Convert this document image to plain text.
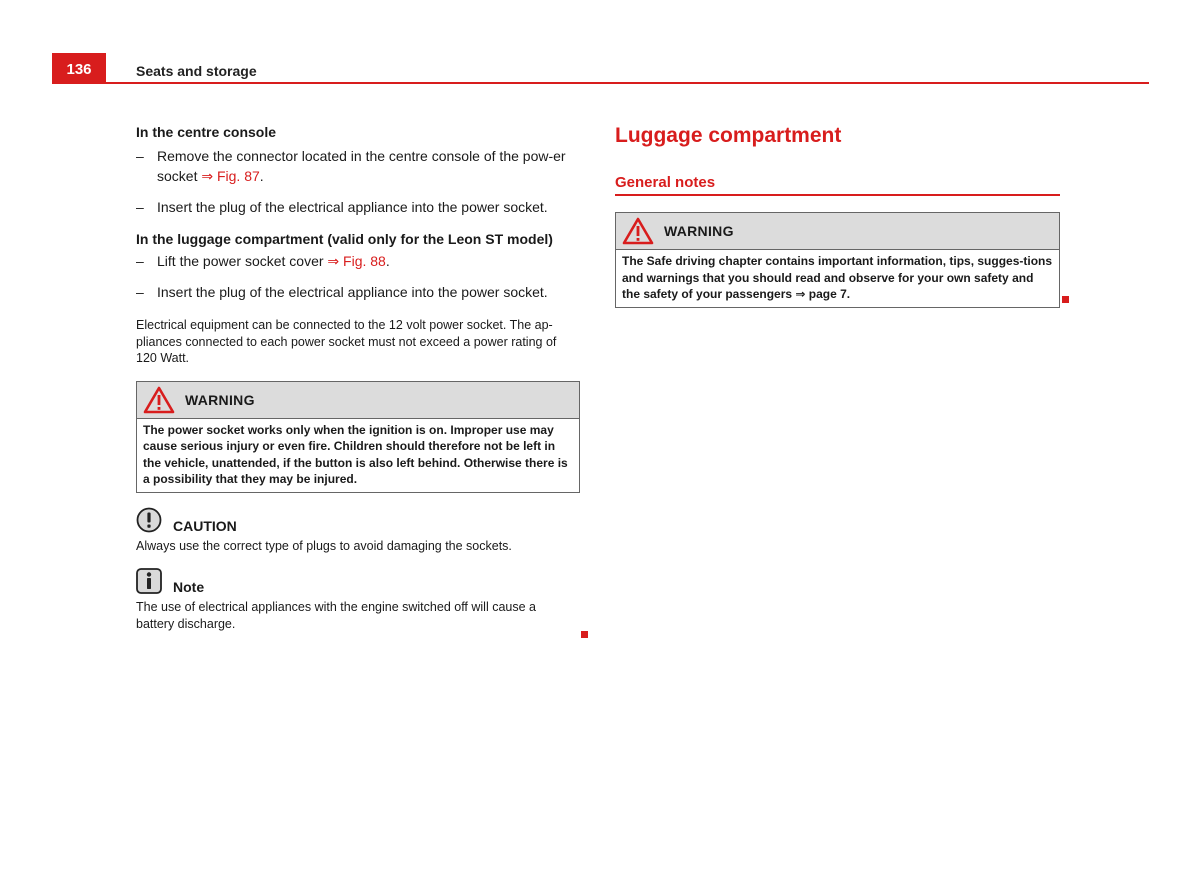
136	Seats and storage

In the centre console

– Remove the connector located in the centre console of the pow-er socket ⇒ Fig. 87.
– Insert the plug of the electrical appliance into the power socket.

In the luggage compartment (valid only for the Leon ST model)

– Lift the power socket cover ⇒ Fig. 88.
– Insert the plug of the electrical appliance into the power socket.

Electrical equipment can be connected to the 12 volt power socket. The ap-pliances connected to each power socket must not exceed a power rating of 120 Watt.

WARNING
The power socket works only when the ignition is on. Improper use may cause serious injury or even fire. Children should therefore not be left in the vehicle, unattended, if the button is also left behind. Otherwise there is a possibility that they may be injured.
CAUTION

Always use the correct type of plugs to avoid damaging the sockets.

Note

The use of electrical appliances with the engine switched off will cause a battery discharge.

Luggage compartment
General notes
WARNING
The Safe driving chapter contains important information, tips, sugges-tions and warnings that you should read and observe for your own safety and the safety of your passengers ⇒ page 7.
